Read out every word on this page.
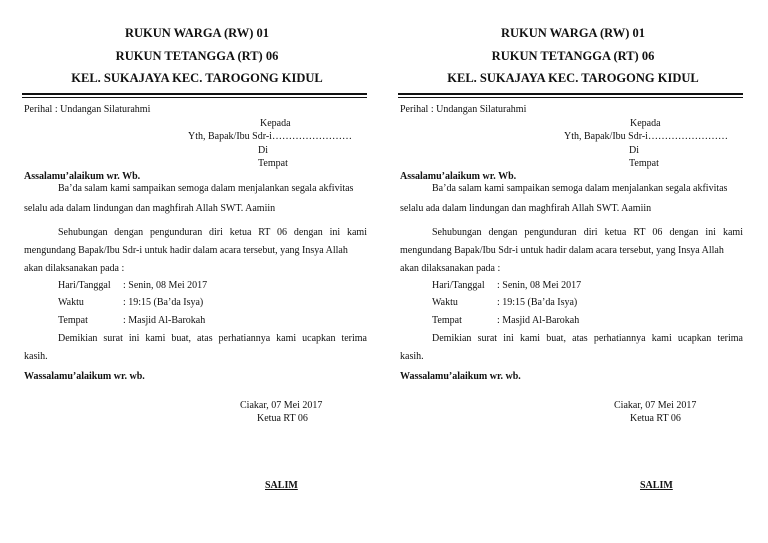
RUKUN WARGA (RW) 01
RUKUN TETANGGA (RT) 06
KEL. SUKAJAYA KEC. TAROGONG KIDUL
Perihal : Undangan Silaturahmi
Kepada
Yth, Bapak/Ibu Sdr-i……………………
Di
Tempat
Assalamu’alaikum wr. Wb.
Ba’da salam kami sampaikan semoga dalam menjalankan segala akfivitas
selalu ada dalam lindungan dan maghfirah Allah SWT. Aamiin
Sehubungan dengan pengunduran diri ketua RT 06 dengan ini kami
mengundang Bapak/Ibu Sdr-i untuk hadir dalam acara tersebut, yang Insya Allah
akan dilaksanakan pada :
Hari/Tanggal : Senin, 08 Mei 2017
Waktu	: 19:15 (Ba’da Isya)
Tempat	: Masjid Al-Barokah
Demikian surat ini kami buat, atas perhatiannya kami ucapkan terima
kasih.
Wassalamu’alaikum wr. wb.
Ciakar, 07 Mei 2017
Ketua RT 06
SALIM
RUKUN WARGA (RW) 01
RUKUN TETANGGA (RT) 06
KEL. SUKAJAYA KEC. TAROGONG KIDUL
Perihal : Undangan Silaturahmi
Kepada
Yth, Bapak/Ibu Sdr-i……………………
Di
Tempat
Assalamu’alaikum wr. Wb.
Ba’da salam kami sampaikan semoga dalam menjalankan segala akfivitas
selalu ada dalam lindungan dan maghfirah Allah SWT. Aamiin
Sehubungan dengan pengunduran diri ketua RT 06 dengan ini kami
mengundang Bapak/Ibu Sdr-i untuk hadir dalam acara tersebut, yang Insya Allah
akan dilaksanakan pada :
Hari/Tanggal : Senin, 08 Mei 2017
Waktu	: 19:15 (Ba’da Isya)
Tempat	: Masjid Al-Barokah
Demikian surat ini kami buat, atas perhatiannya kami ucapkan terima
kasih.
Wassalamu’alaikum wr. wb.
Ciakar, 07 Mei 2017
Ketua RT 06
SALIM
